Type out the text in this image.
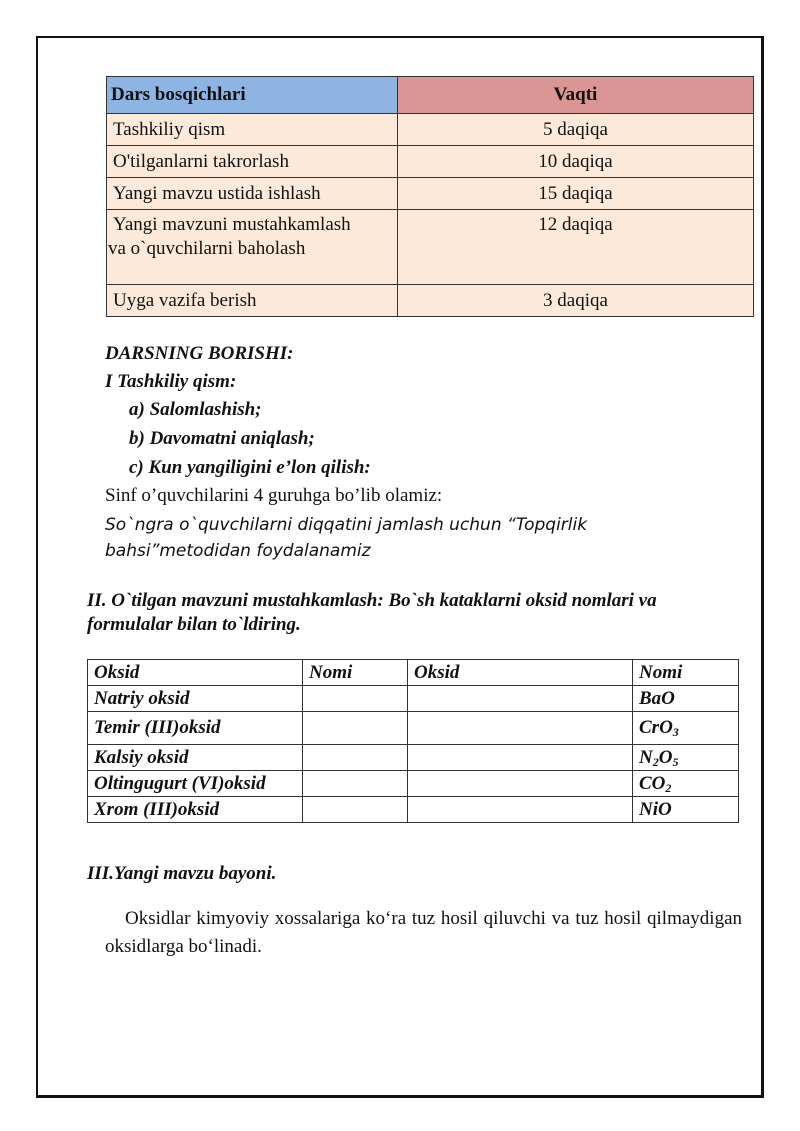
Dars bosqichlari	Vaqti
Tashkiliy qism	5 daqiqa
O'tilganlarni takrorlash	10 daqiqa
Yangi mavzu ustida ishlash	15 daqiqa

Yangi mavzuni mustahkamlash
va o`quvchilarni baholash	12 daqiqa
Uyga vazifa berish	3 daqiqa
DARSNING BORISHI:
I Tashkiliy qism:
a) Salomlashish;
b) Davomatni aniqlash;
c) Kun yangiligini e’lon qilish:
Sinf o’quvchilarini 4 guruhga bo’lib olamiz:
So`ngra o`quvchilarni diqqatini jamlash uchun “Topqirlik
bahsi”metodidan foydalanamiz
II. O`tilgan mavzuni mustahkamlash: Bo`sh kataklarni oksid nomlari va
formulalar bilan to`ldiring.
Oksid	Nomi	Oksid	Nomi
Natriy oksid			BaO
Temir (III)oksid			CrO$_3$
Kalsiy oksid			$N_2O_5$
Oltingugurt (VI)oksid			$CO_2$
Xrom (III)oksid			NiO
III.Yangi mavzu bayoni.
Oksidlar kimyoviy xossalariga ko‘ra tuz hosil qiluvchi va tuz hosil qilmaydigan oksidlarga bo‘linadi.
